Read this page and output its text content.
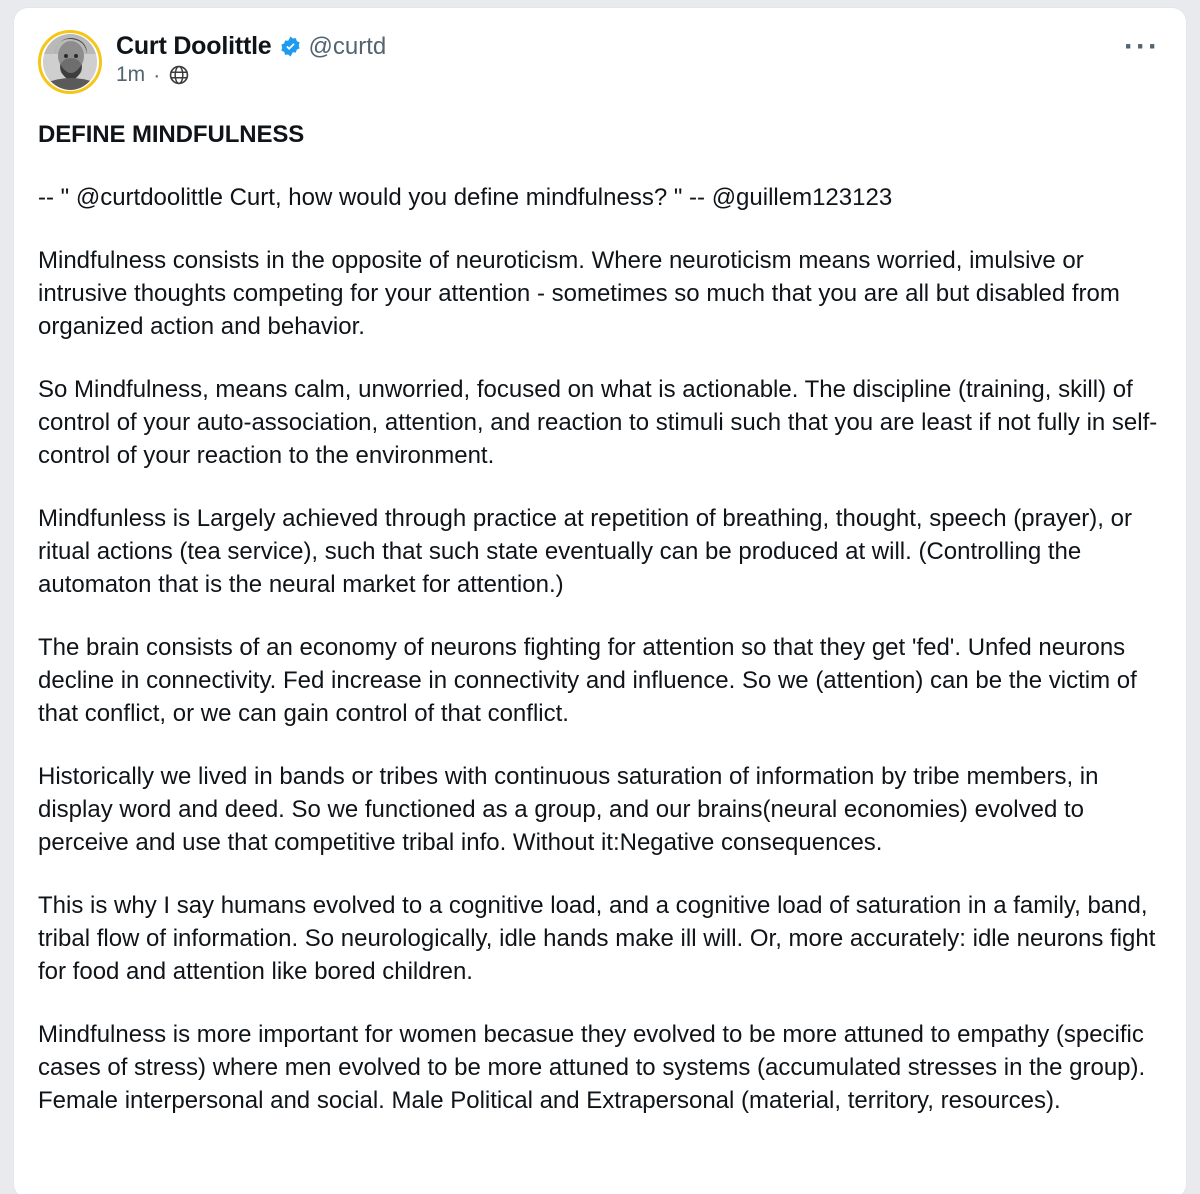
Curt Doolittle @curtd
1m ·
···

DEFINE MINDFULNESS

-- " @curtdoolittle Curt, how would you define mindfulness? " -- @guillem123123

Mindfulness consists in the opposite of neuroticism. Where neuroticism means worried, imulsive or intrusive thoughts competing for your attention - sometimes so much that you are all but disabled from organized action and behavior.

So Mindfulness, means calm, unworried, focused on what is actionable. The discipline (training, skill) of control of your auto-association, attention, and reaction to stimuli such that you are least if not fully in self-control of your reaction to the environment.

Mindfunless is Largely achieved through practice at repetition of breathing, thought, speech (prayer), or ritual actions (tea service), such that such state eventually can be produced at will. (Controlling the automaton that is the neural market for attention.)

The brain consists of an economy of neurons fighting for attention so that they get 'fed'. Unfed neurons decline in connectivity. Fed increase in connectivity and influence. So we (attention) can be the victim of that conflict, or we can gain control of that conflict.

Historically we lived in bands or tribes with continuous saturation of information by tribe members, in display word and deed. So we functioned as a group, and our brains(neural economies) evolved to perceive and use that competitive tribal info. Without it:Negative consequences.

This is why I say humans evolved to a cognitive load, and a cognitive load of saturation in a family, band, tribal flow of information. So neurologically, idle hands make ill will. Or, more accurately: idle neurons fight for food and attention like bored children.

Mindfulness is more important for women becasue they evolved to be more attuned to empathy (specific cases of stress) where men evolved to be more attuned to systems (accumulated stresses in the group). Female interpersonal and social. Male Political and Extrapersonal (material, territory, resources).
